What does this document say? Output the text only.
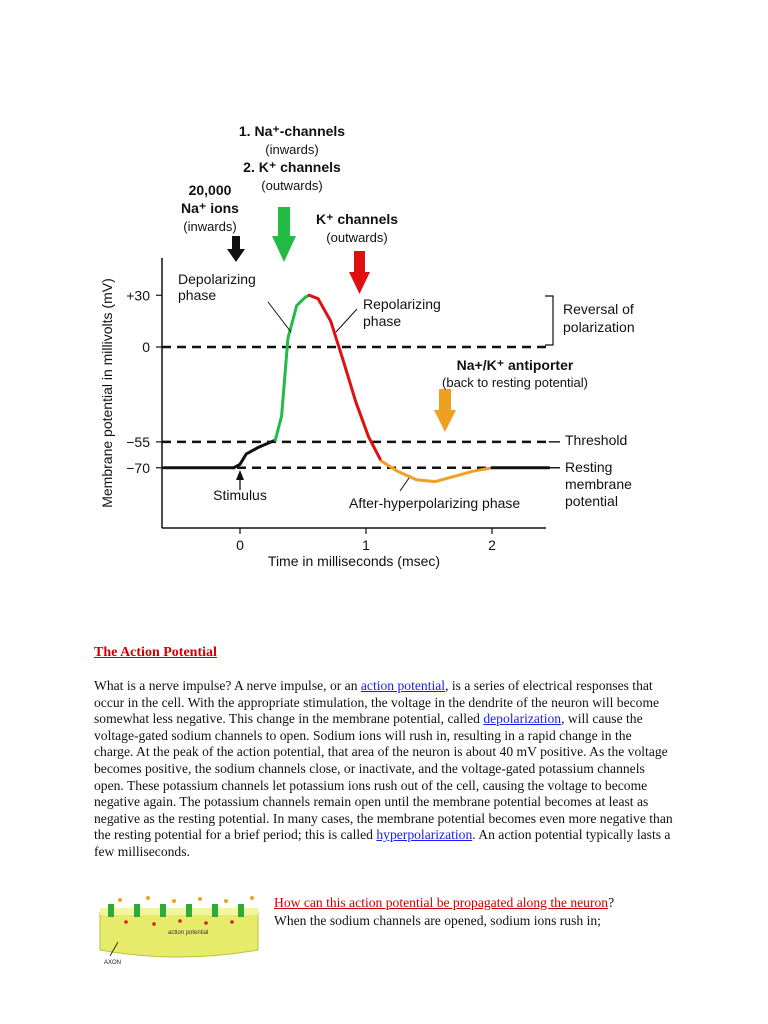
+30
0
−55
−70
0	1	2
Membrane potential in millivolts (mV)
Time in milliseconds (msec)
1. Na⁺-channels
(inwards)
2. K⁺ channels
(outwards)
20,000
Na⁺ ions
(inwards)	K⁺ channels
(outwards)
Depolarizing
phase
Repolarizing
phase
Reversal of
polarization
Na+/K⁺ antiporter
(back to resting potential)
Threshold
Resting
membrane
potential
Stimulus	After-hyperpolarizing phase

The Action Potential

What is a nerve impulse? A nerve impulse, or an action potential, is a series of electrical responses that occur in the cell. With the appropriate stimulation, the voltage in the dendrite of the neuron will become somewhat less negative. This change in the membrane potential, called depolarization, will cause the voltage-gated sodium channels to open. Sodium ions will rush in, resulting in a rapid change in the charge. At the peak of the action potential, that area of the neuron is about 40 mV positive. As the voltage becomes positive, the sodium channels close, or inactivate, and the voltage-gated potassium channels open. These potassium channels let potassium ions rush out of the cell, causing the voltage to become negative again. The potassium channels remain open until the membrane potential becomes at least as negative as the resting potential. In many cases, the membrane potential becomes even more negative than the resting potential for a brief period; this is called hyperpolarization. An action potential typically lasts a few milliseconds.

action potential
AXON

How can this action potential be propagated along the neuron?
When the sodium channels are opened, sodium ions rush in;
